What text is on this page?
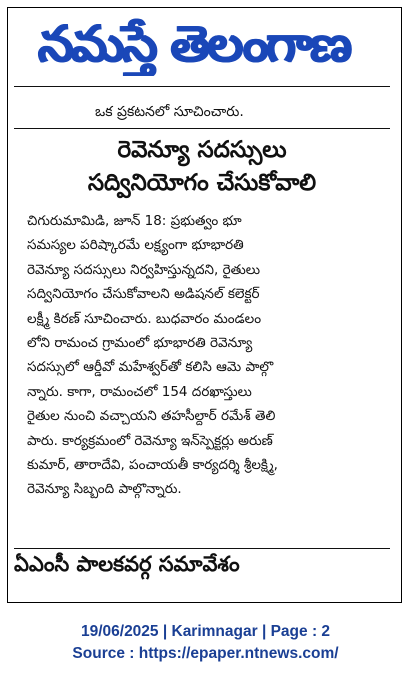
నమస్తే తెలంగాణ
ఒక ప్రకటనలో సూచించారు.
రెవెన్యూ సదస్సులు
సద్వినియోగం చేసుకోవాలి

చిగురుమామిడి, జూన్ 18: ప్రభుత్వం భూ

సమస్యల పరిష్కారమే లక్ష్యంగా భూభారతి

రెవెన్యూ సదస్సులు నిర్వహిస్తున్నదని, రైతులు

సద్వినియోగం చేసుకోవాలని అడిషనల్ కలెక్టర్

లక్ష్మీ కిరణ్ సూచించారు. బుధవారం మండలం

లోని రామంచ గ్రామంలో భూభారతి రెవెన్యూ

సదస్సులో ఆర్డీవో మహేశ్వర్‌తో కలిసి ఆమె పాల్గొ

న్నారు. కాగా, రామంచలో 154 దరఖాస్తులు

రైతుల నుంచి వచ్చాయని తహసీల్దార్ రమేశ్ తెలి

పారు. కార్యక్రమంలో రెవెన్యూ ఇన్‌స్పెక్టర్లు అరుణ్

కుమార్, తారాదేవి, పంచాయతీ కార్యదర్శి శ్రీలక్ష్మి,

రెవెన్యూ సిబ్బంది పాల్గొన్నారు.

ఏఎంసీ పాలకవర్గ సమావేశం
19/06/2025 | Karimnagar | Page : 2
Source : https://epaper.ntnews.com/
